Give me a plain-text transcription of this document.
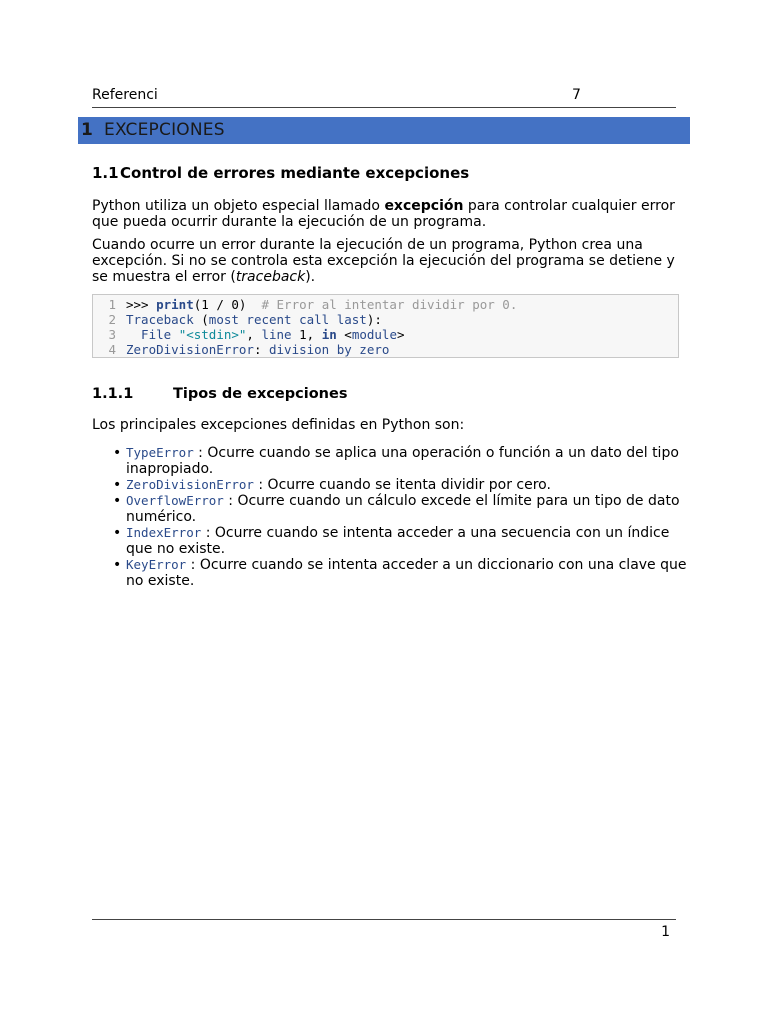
Referenci	7
1 EXCEPCIONES
1.1Control de errores mediante excepciones

Python utiliza un objeto especial llamado excepción para controlar cualquier error que pueda ocurrir durante la ejecución de un programa.

Cuando ocurre un error durante la ejecución de un programa, Python crea una excepción. Si no se controla esta excepción la ejecución del programa se detiene y se muestra el error (traceback).

1 >>> print(1 / 0)  # Error al intentar dividir por 0.
2 Traceback (most recent call last):
3  File "<stdin>", line 1, in <module>
4 ZeroDivisionError: division by zero
1.1.1	Tipos de excepciones

Los principales excepciones definidas en Python son:

• TypeError : Ocurre cuando se aplica una operación o función a un dato del tipo inapropiado.
• ZeroDivisionError : Ocurre cuando se itenta dividir por cero.
• OverflowError : Ocurre cuando un cálculo excede el límite para un tipo de dato numérico.
• IndexError : Ocurre cuando se intenta acceder a una secuencia con un índice que no existe.
• KeyError : Ocurre cuando se intenta acceder a un diccionario con una clave que no existe.
1
